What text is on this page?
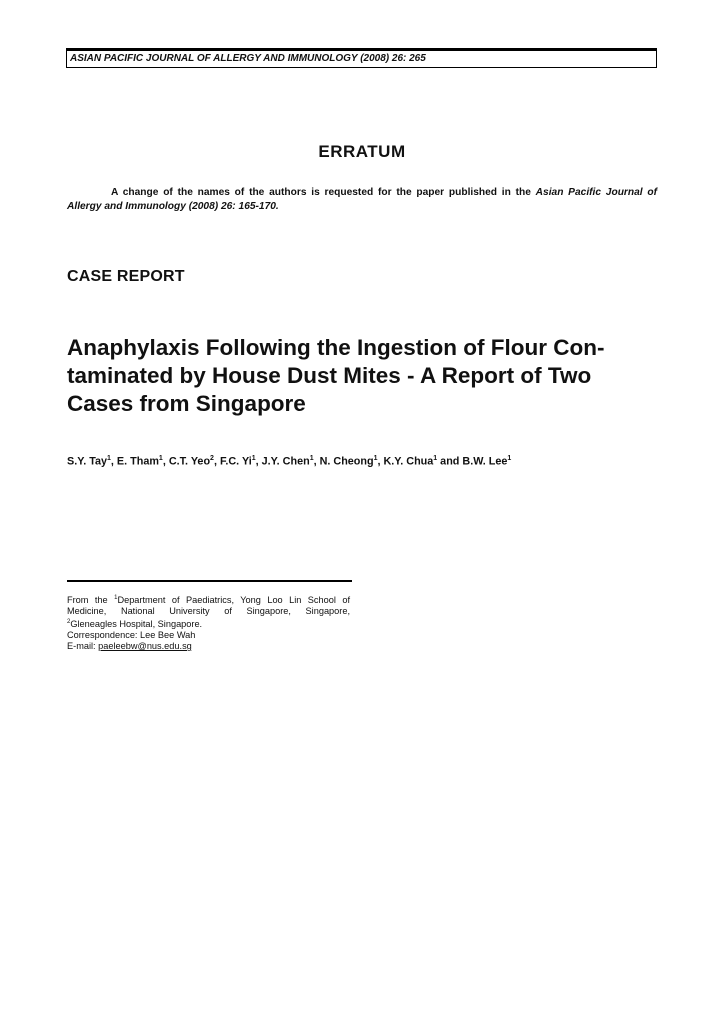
ASIAN PACIFIC JOURNAL OF ALLERGY AND IMMUNOLOGY (2008) 26: 265
ERRATUM
A change of the names of the authors is requested for the paper published in the Asian Pacific Journal of Allergy and Immunology (2008) 26: 165-170.
CASE REPORT
Anaphylaxis Following the Ingestion of Flour Con-
taminated by House Dust Mites - A Report of Two
Cases from Singapore
S.Y. Tay$^1$, E. Tham$^1$, C.T. Yeo$^2$, F.C. Yi$^1$, J.Y. Chen$^1$, N. Cheong$^1$, K.Y. Chua$^1$ and B.W. Lee$^1$
From the $^1$Department of Paediatrics, Yong Loo Lin School of
Medicine, National University of Singapore, Singapore,
$^2$Gleneagles Hospital, Singapore.
Correspondence: Lee Bee Wah
E-mail: paeleebw@nus.edu.sg
